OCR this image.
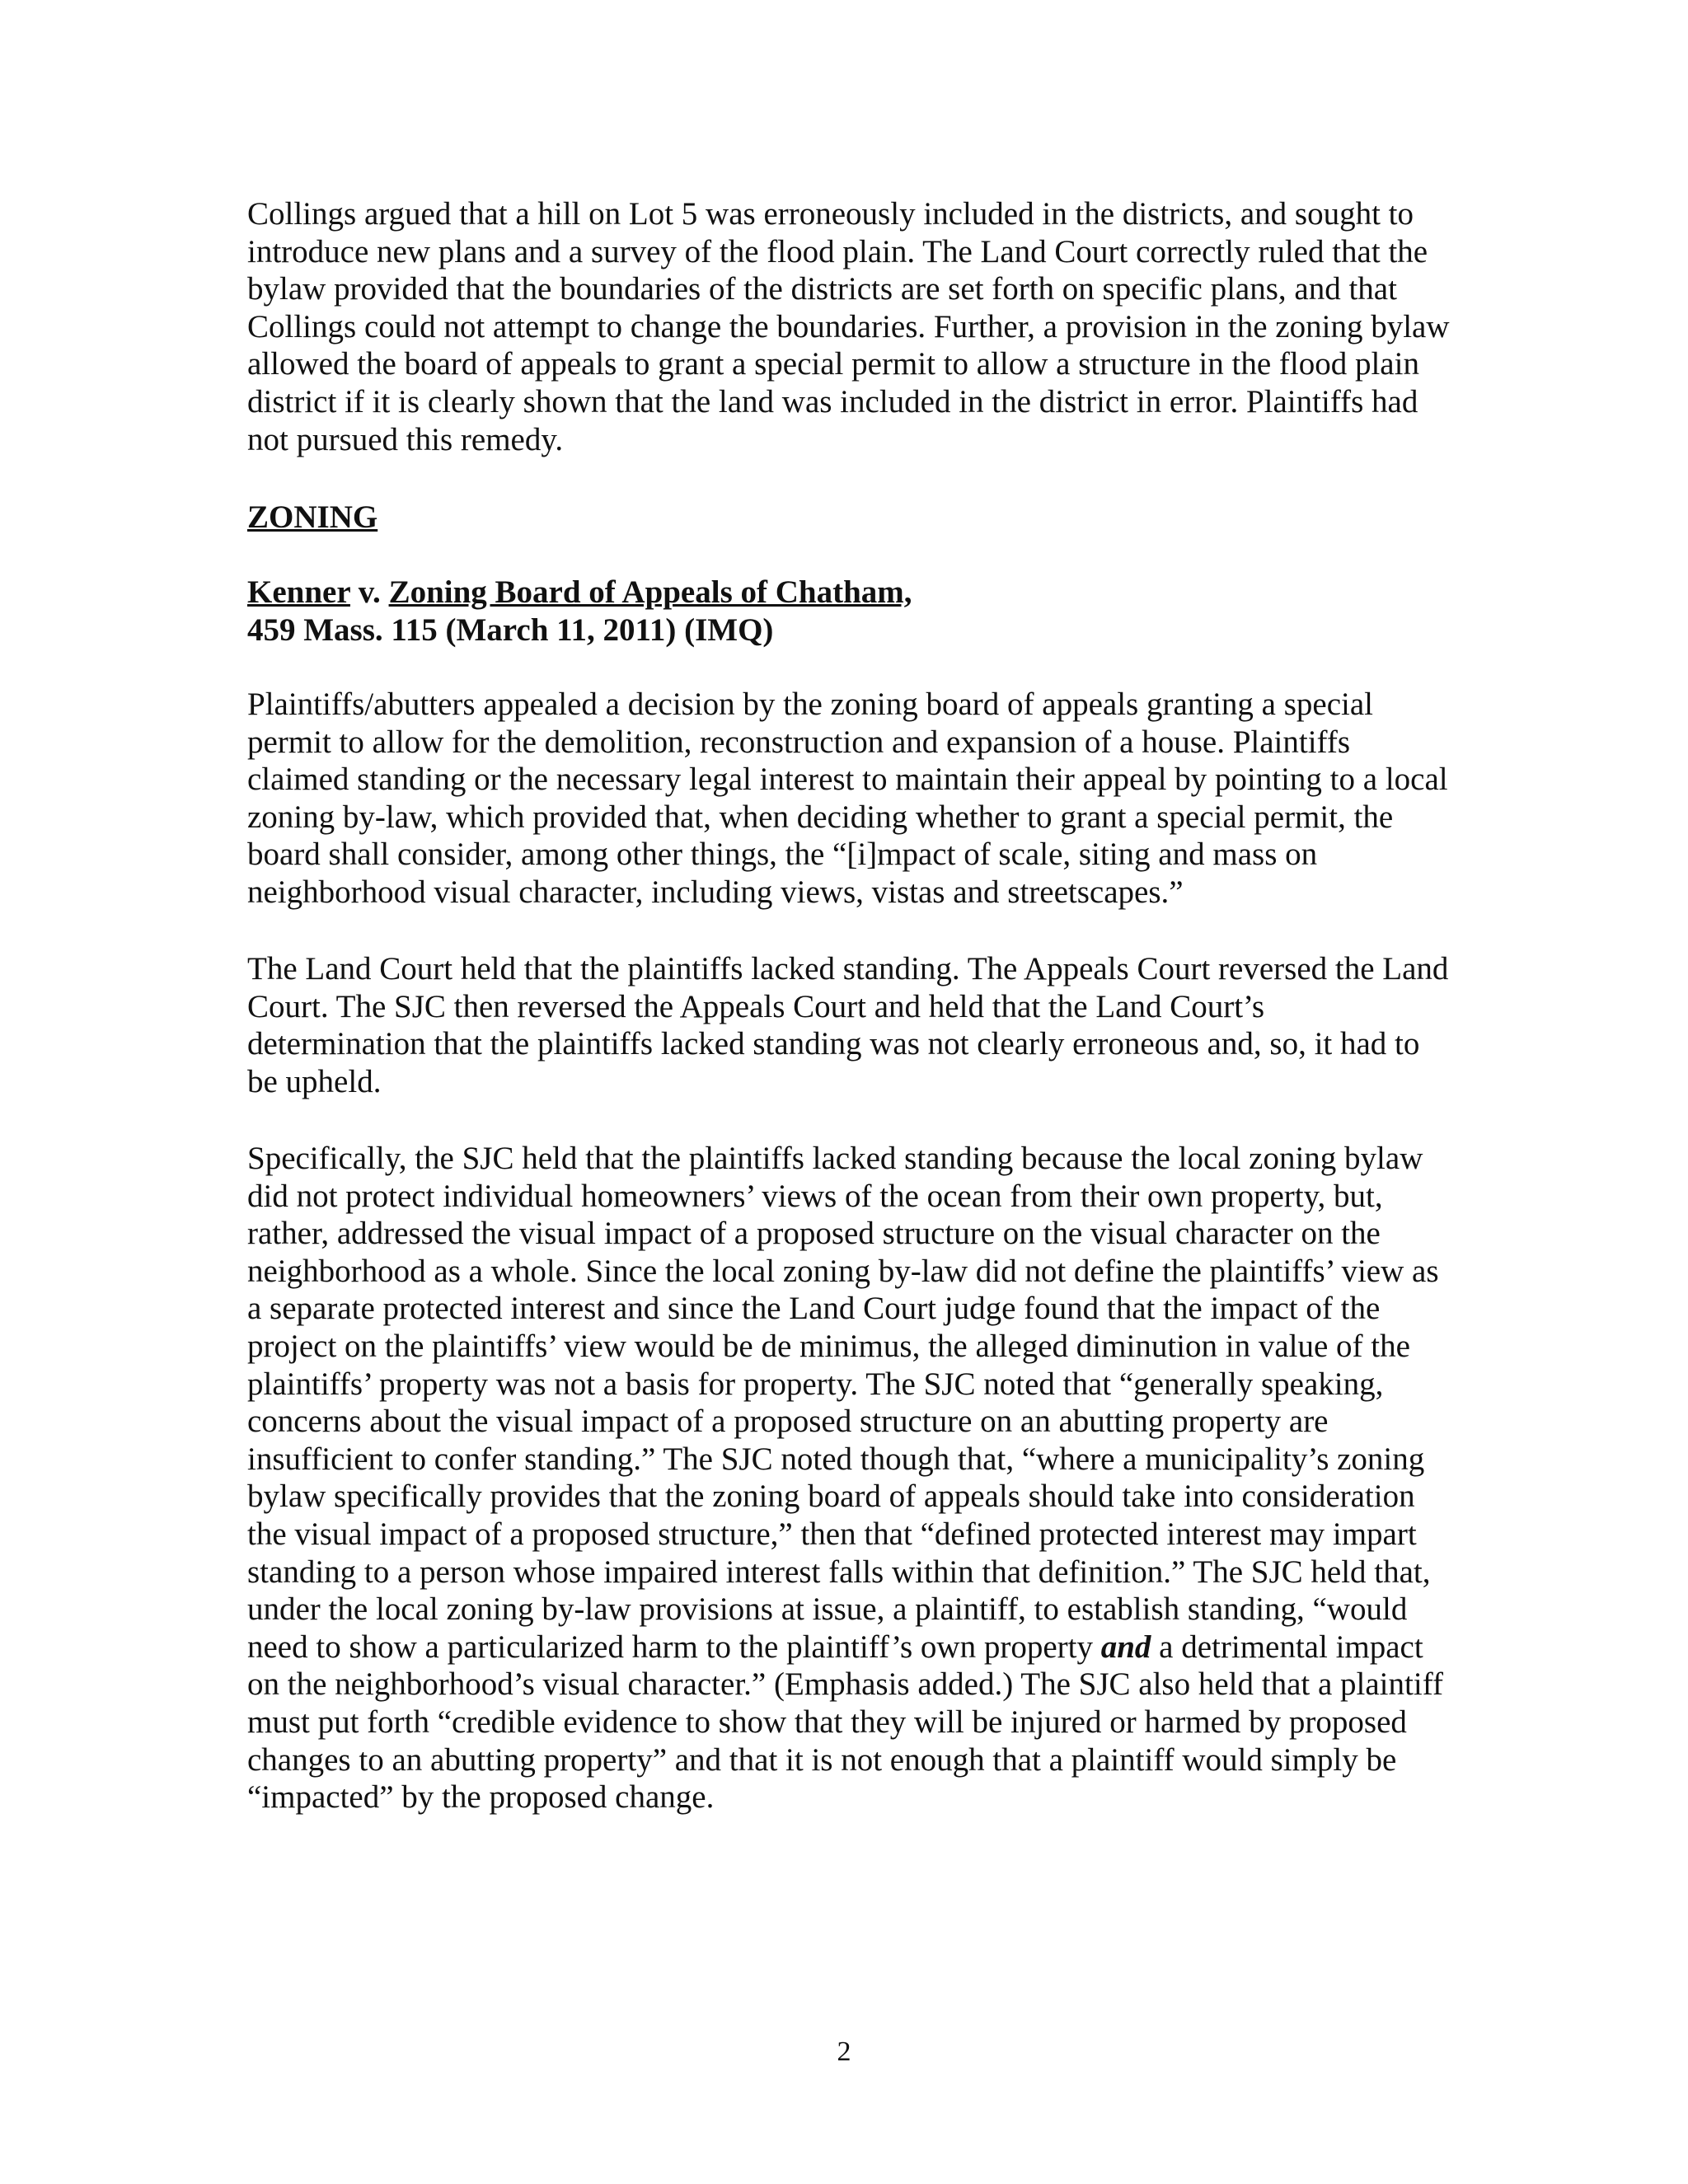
Collings argued that a hill on Lot 5 was erroneously included in the districts, and sought to introduce new plans and a survey of the flood plain. The Land Court correctly ruled that the bylaw provided that the boundaries of the districts are set forth on specific plans, and that Collings could not attempt to change the boundaries. Further, a provision in the zoning bylaw allowed the board of appeals to grant a special permit to allow a structure in the flood plain district if it is clearly shown that the land was included in the district in error. Plaintiffs had not pursued this remedy.

ZONING
Kenner v. Zoning Board of Appeals of Chatham,
459 Mass. 115 (March 11, 2011) (IMQ)

Plaintiffs/abutters appealed a decision by the zoning board of appeals granting a special permit to allow for the demolition, reconstruction and expansion of a house. Plaintiffs claimed standing or the necessary legal interest to maintain their appeal by pointing to a local zoning by-law, which provided that, when deciding whether to grant a special permit, the board shall consider, among other things, the “[i]mpact of scale, siting and mass on neighborhood visual character, including views, vistas and streetscapes.”

The Land Court held that the plaintiffs lacked standing. The Appeals Court reversed the Land Court. The SJC then reversed the Appeals Court and held that the Land Court’s determination that the plaintiffs lacked standing was not clearly erroneous and, so, it had to be upheld.

Specifically, the SJC held that the plaintiffs lacked standing because the local zoning bylaw did not protect individual homeowners’ views of the ocean from their own property, but, rather, addressed the visual impact of a proposed structure on the visual character on the neighborhood as a whole. Since the local zoning by-law did not define the plaintiffs’ view as a separate protected interest and since the Land Court judge found that the impact of the project on the plaintiffs’ view would be de minimus, the alleged diminution in value of the plaintiffs’ property was not a basis for property. The SJC noted that “generally speaking, concerns about the visual impact of a proposed structure on an abutting property are insufficient to confer standing.” The SJC noted though that, “where a municipality’s zoning bylaw specifically provides that the zoning board of appeals should take into consideration the visual impact of a proposed structure,” then that “defined protected interest may impart standing to a person whose impaired interest falls within that definition.” The SJC held that, under the local zoning by-law provisions at issue, a plaintiff, to establish standing, “would need to show a particularized harm to the plaintiff’s own property and a detrimental impact on the neighborhood’s visual character.” (Emphasis added.) The SJC also held that a plaintiff must put forth “credible evidence to show that they will be injured or harmed by proposed changes to an abutting property” and that it is not enough that a plaintiff would simply be “impacted” by the proposed change.

2
